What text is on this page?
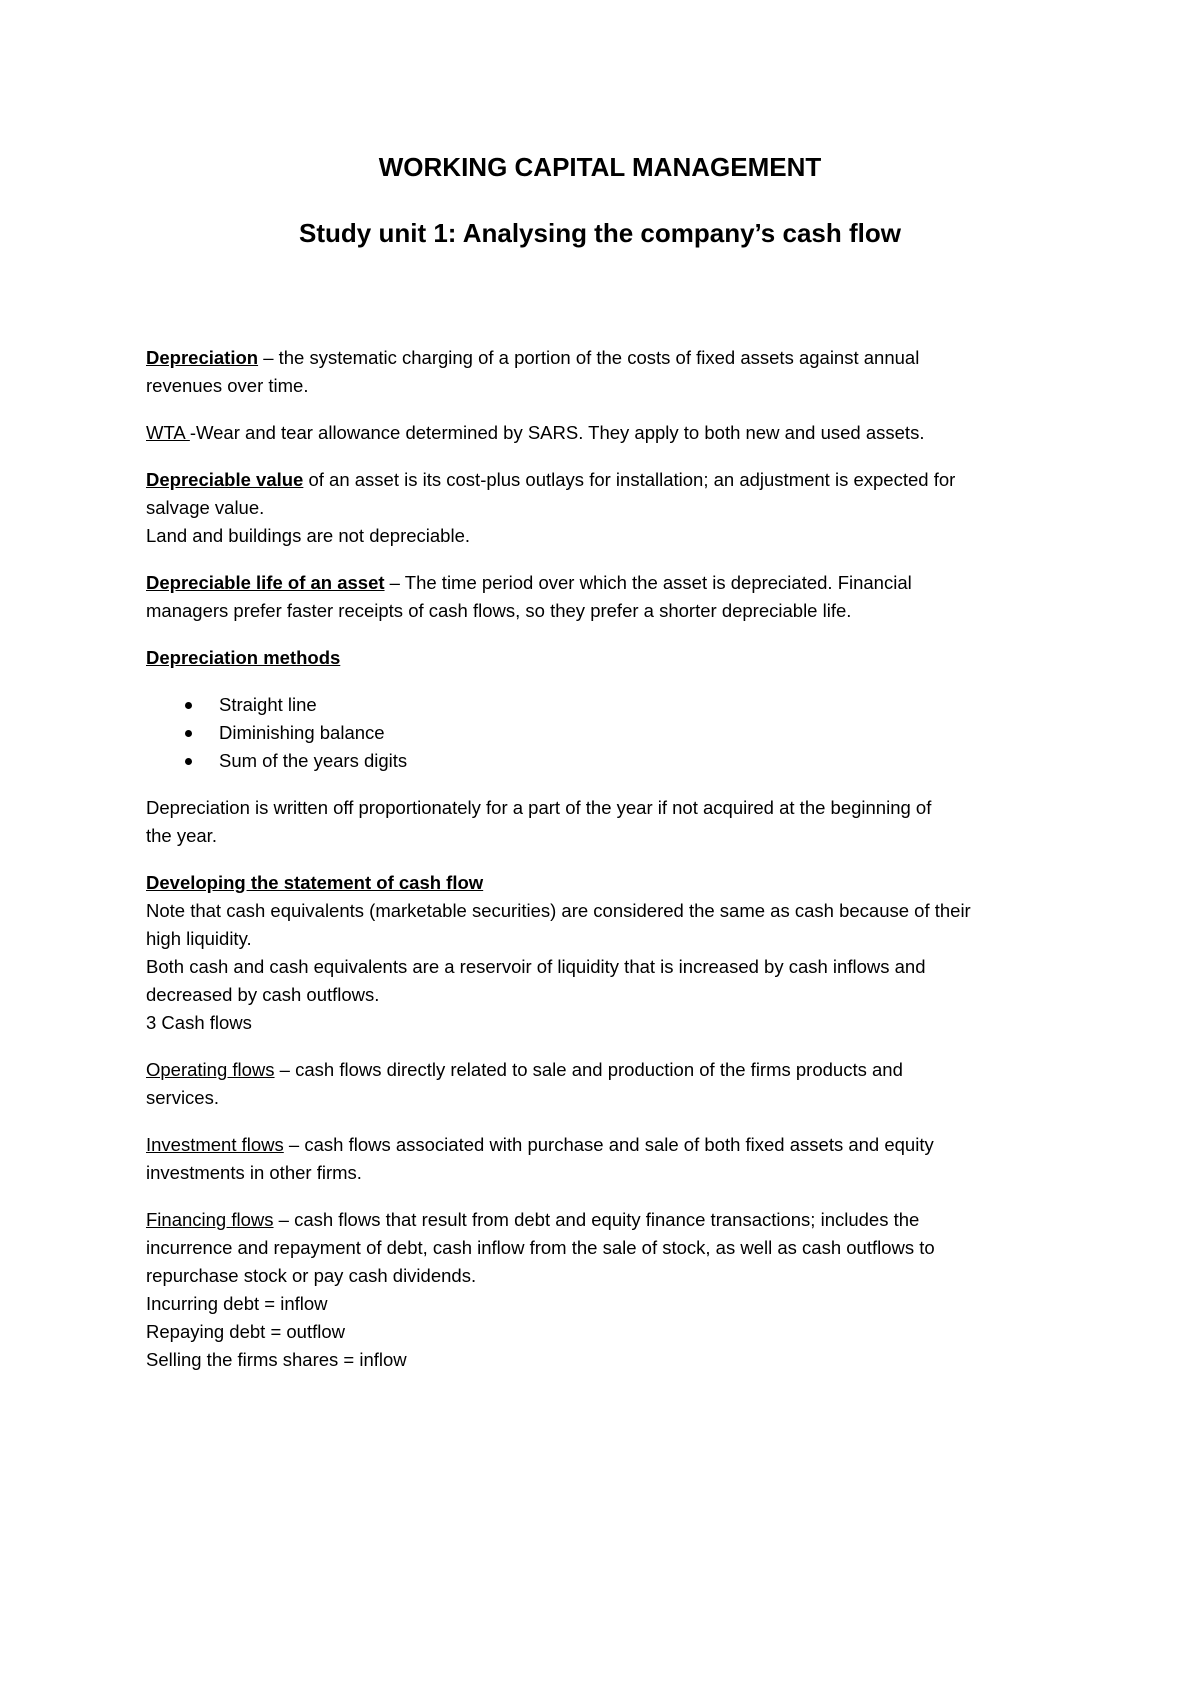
WORKING CAPITAL MANAGEMENT
Study unit 1: Analysing the company’s cash flow

Depreciation – the systematic charging of a portion of the costs of fixed assets against annual
revenues over time.

WTA -Wear and tear allowance determined by SARS. They apply to both new and used assets.

Depreciable value of an asset is its cost-plus outlays for installation; an adjustment is expected for
salvage value.
Land and buildings are not depreciable.

Depreciable life of an asset – The time period over which the asset is depreciated. Financial
managers prefer faster receipts of cash flows, so they prefer a shorter depreciable life.

Depreciation methods

Straight line
Diminishing balance
Sum of the years digits

Depreciation is written off proportionately for a part of the year if not acquired at the beginning of
the year.

Developing the statement of cash flow
Note that cash equivalents (marketable securities) are considered the same as cash because of their
high liquidity.
Both cash and cash equivalents are a reservoir of liquidity that is increased by cash inflows and
decreased by cash outflows.
3 Cash flows

Operating flows – cash flows directly related to sale and production of the firms products and
services.

Investment flows – cash flows associated with purchase and sale of both fixed assets and equity
investments in other firms.

Financing flows – cash flows that result from debt and equity finance transactions; includes the
incurrence and repayment of debt, cash inflow from the sale of stock, as well as cash outflows to
repurchase stock or pay cash dividends.
Incurring debt = inflow
Repaying debt = outflow
Selling the firms shares = inflow
